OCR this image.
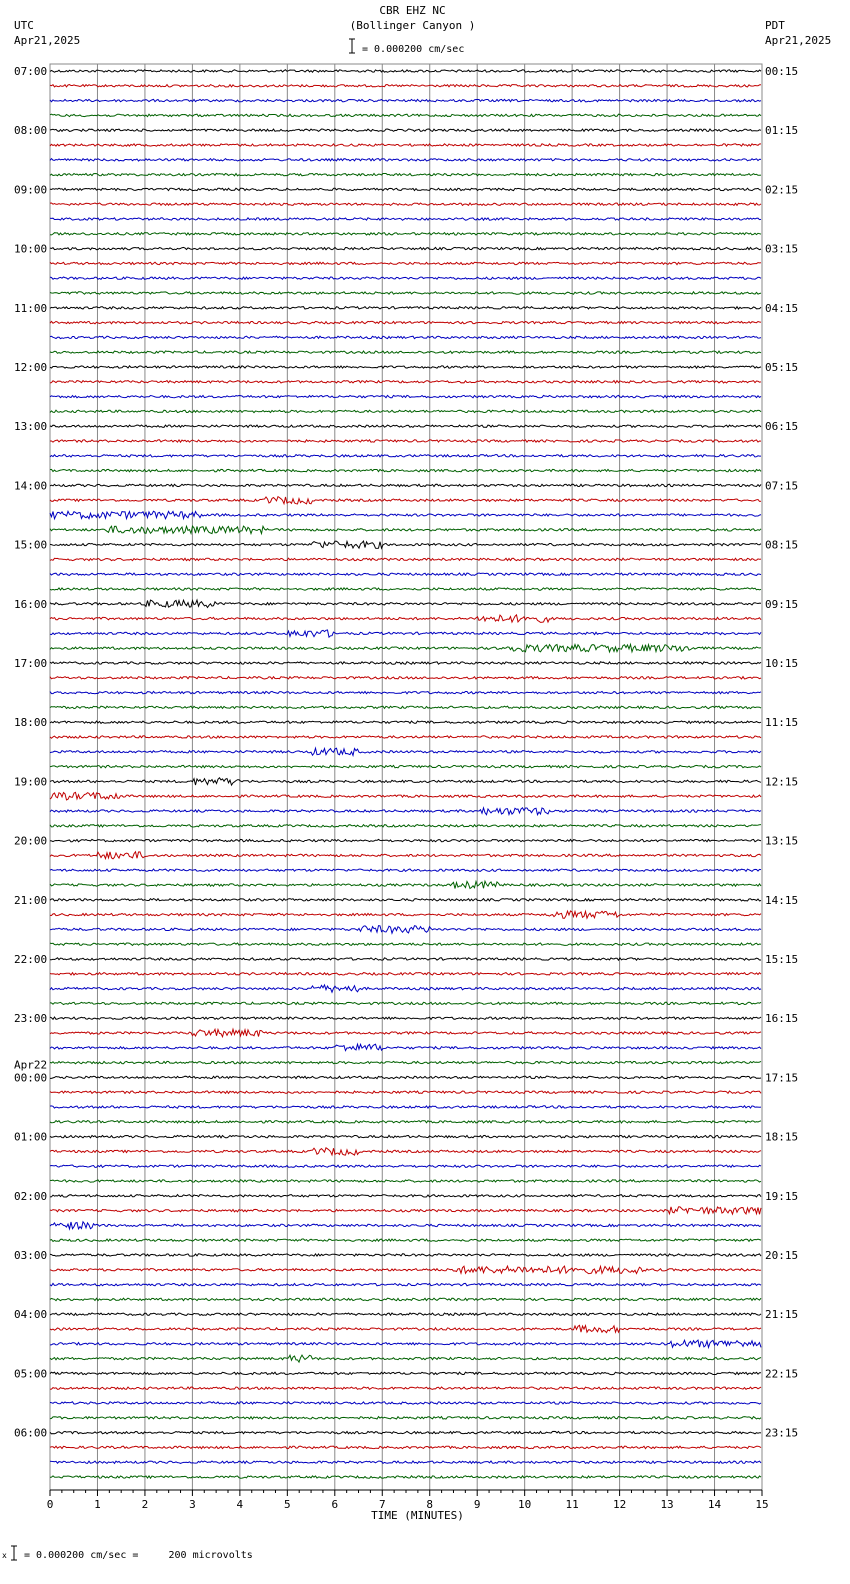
CBR EHZ NC
(Bollinger Canyon )
UTC
Apr21,2025
PDT
Apr21,2025
= 0.000200 cm/sec
TIME (MINUTES)
= 0.000200 cm/sec =     200 microvolts
0	1	2	3	4	5	6	7	8	9	10	11	12	13	14	15
07:00
08:00
09:00
10:00
11:00
12:00
13:00
14:00
15:00
16:00
17:00
18:00
19:00
20:00
21:00
22:00
23:00
00:00
Apr22
01:00
02:00
03:00
04:00
05:00
06:00
00:15
01:15
02:15
03:15
04:15
05:15
06:15
07:15
08:15
09:15
10:15
11:15
12:15
13:15
14:15
15:15
16:15
17:15
18:15
19:15
20:15
21:15
22:15
23:15
x
